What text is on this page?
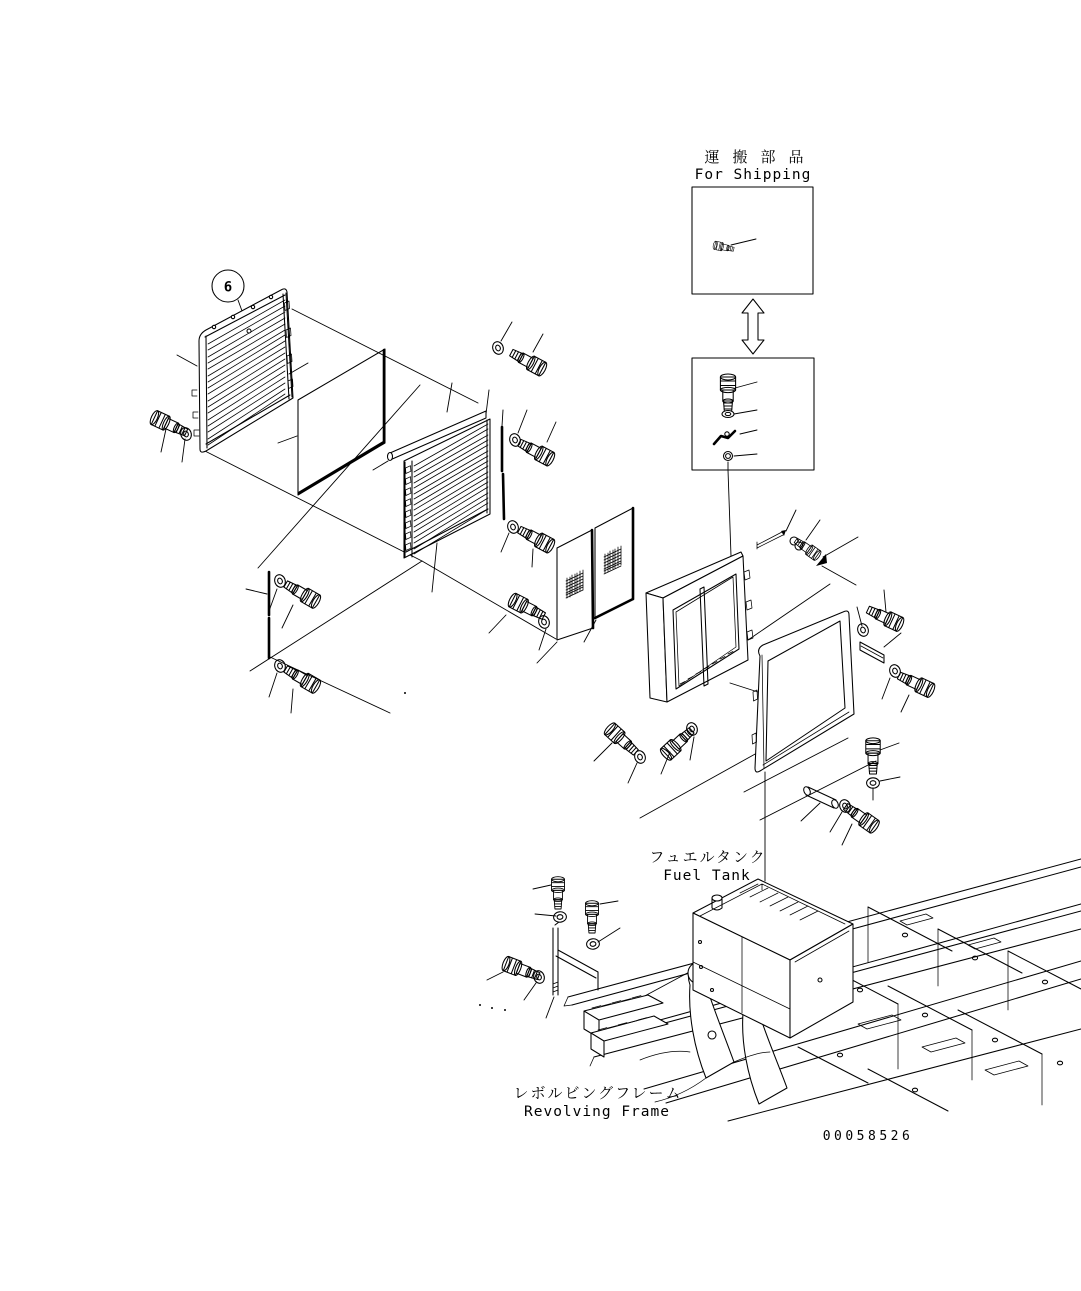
6
運 搬 部 品
For Shipping
フュエルタンク
Fuel Tank
レボルビングフレーム
Revolving Frame
00058526
